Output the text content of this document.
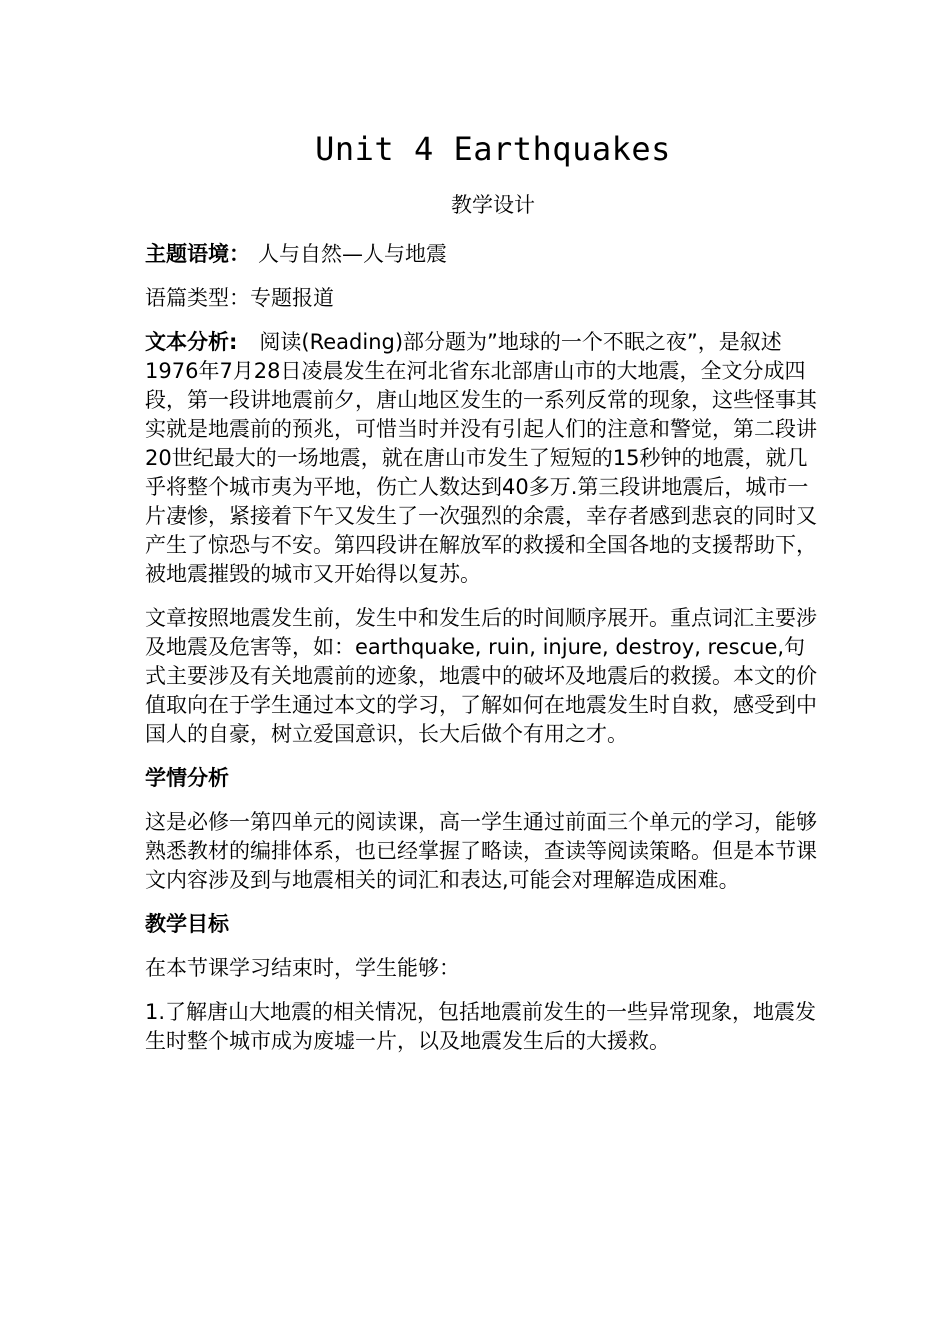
Unit 4 Earthquakes
教学设计

主题语境： 人与自然—人与地震

语篇类型：专题报道

文本分析: 阅读(Reading)部分题为”地球的一个不眠之夜”，是叙述1976年7月28日凌晨发生在河北省东北部唐山市的大地震，全文分成四段，第一段讲地震前夕，唐山地区发生的一系列反常的现象，这些怪事其实就是地震前的预兆，可惜当时并没有引起人们的注意和警觉，第二段讲20世纪最大的一场地震，就在唐山市发生了短短的15秒钟的地震，就几乎将整个城市夷为平地，伤亡人数达到40多万.第三段讲地震后，城市一片凄惨，紧接着下午又发生了一次强烈的余震，幸存者感到悲哀的同时又产生了惊恐与不安。第四段讲在解放军的救援和全国各地的支援帮助下，被地震摧毁的城市又开始得以复苏。

文章按照地震发生前，发生中和发生后的时间顺序展开。重点词汇主要涉及地震及危害等，如：earthquake, ruin, injure, destroy, rescue,句式主要涉及有关地震前的迹象，地震中的破坏及地震后的救援。本文的价值取向在于学生通过本文的学习，了解如何在地震发生时自救，感受到中国人的自豪，树立爱国意识，长大后做个有用之才。

学情分析

这是必修一第四单元的阅读课，高一学生通过前面三个单元的学习，能够熟悉教材的编排体系，也已经掌握了略读，查读等阅读策略。但是本节课文内容涉及到与地震相关的词汇和表达,可能会对理解造成困难。

教学目标

在本节课学习结束时，学生能够：

1.了解唐山大地震的相关情况，包括地震前发生的一些异常现象，地震发生时整个城市成为废墟一片，以及地震发生后的大援救。
